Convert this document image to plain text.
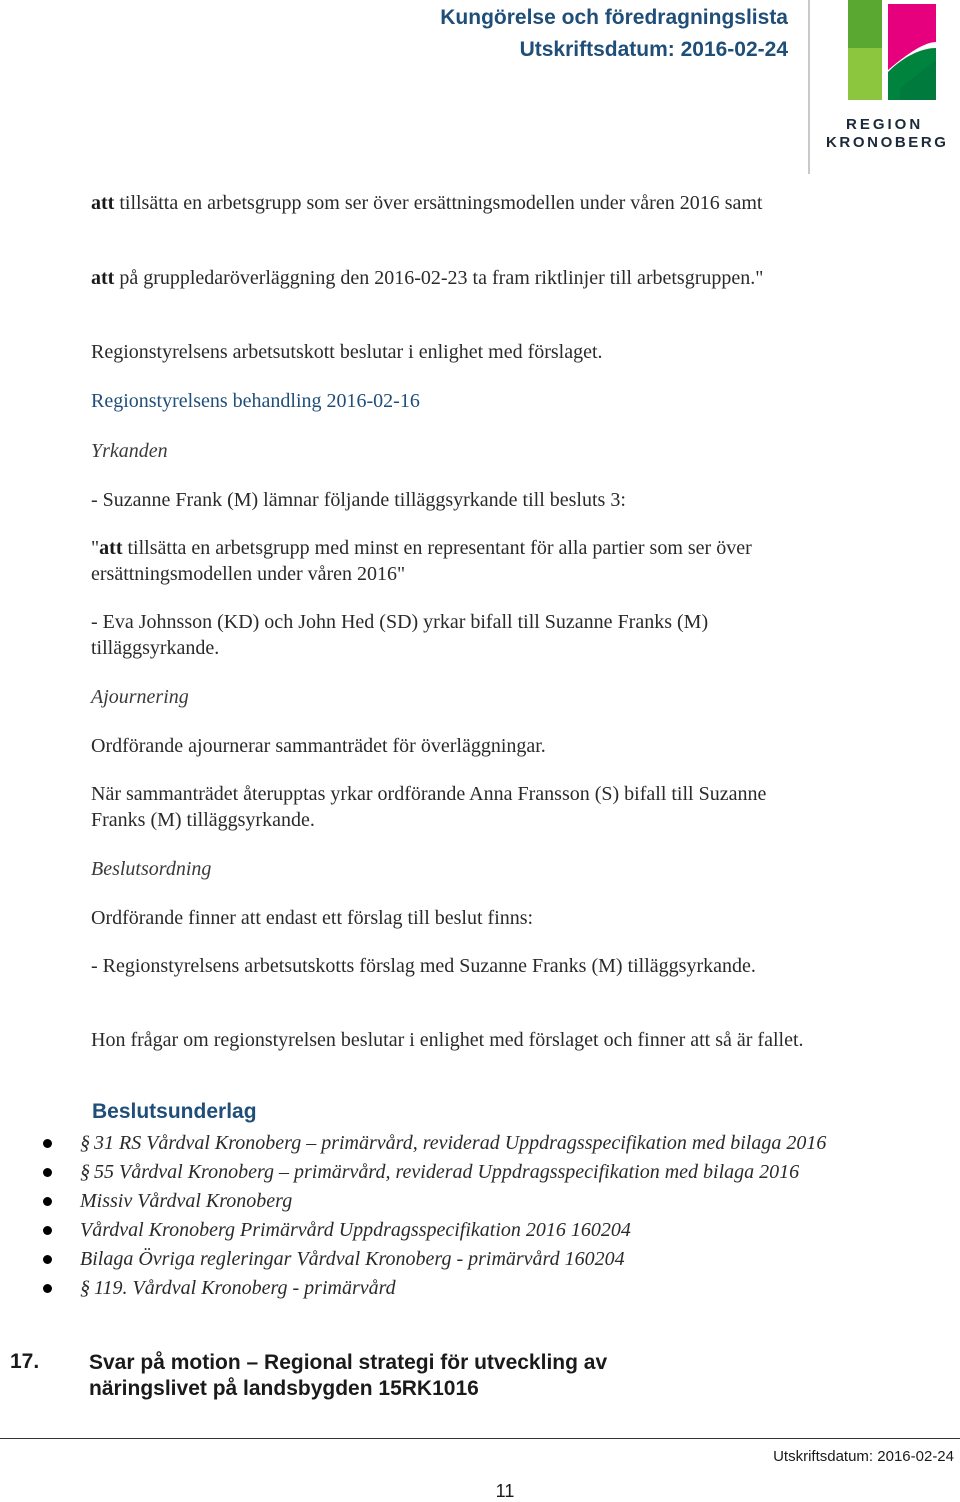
Kungörelse och föredragningslista
Utskriftsdatum: 2016-02-24
REGION
KRONOBERG
att tillsätta en arbetsgrupp som ser över ersättningsmodellen under våren 2016 samt
att på gruppledaröverläggning den 2016-02-23 ta fram riktlinjer till arbetsgruppen."
Regionstyrelsens arbetsutskott beslutar i enlighet med förslaget.
Regionstyrelsens behandling 2016-02-16
Yrkanden
- Suzanne Frank (M) lämnar följande tilläggsyrkande till besluts 3:
"att tillsätta en arbetsgrupp med minst en representant för alla partier som ser över ersättningsmodellen under våren 2016"
- Eva Johnsson (KD) och John Hed (SD) yrkar bifall till Suzanne Franks (M) tilläggsyrkande.
Ajournering
Ordförande ajournerar sammanträdet för överläggningar.
När sammanträdet återupptas yrkar ordförande Anna Fransson (S) bifall till Suzanne Franks (M) tilläggsyrkande.
Beslutsordning
Ordförande finner att endast ett förslag till beslut finns:
- Regionstyrelsens arbetsutskotts förslag med Suzanne Franks (M) tilläggsyrkande.
Hon frågar om regionstyrelsen beslutar i enlighet med förslaget och finner att så är fallet.
Beslutsunderlag
§ 31 RS Vårdval Kronoberg – primärvård, reviderad Uppdragsspecifikation med bilaga 2016
§ 55 Vårdval Kronoberg – primärvård, reviderad Uppdragsspecifikation med bilaga 2016
Missiv Vårdval Kronoberg
Vårdval Kronoberg Primärvård Uppdragsspecifikation 2016 160204
Bilaga Övriga regleringar Vårdval Kronoberg - primärvård 160204
§ 119. Vårdval Kronoberg - primärvård
17. Svar på motion – Regional strategi för utveckling av näringslivet på landsbygden 15RK1016
Utskriftsdatum: 2016-02-24
11
